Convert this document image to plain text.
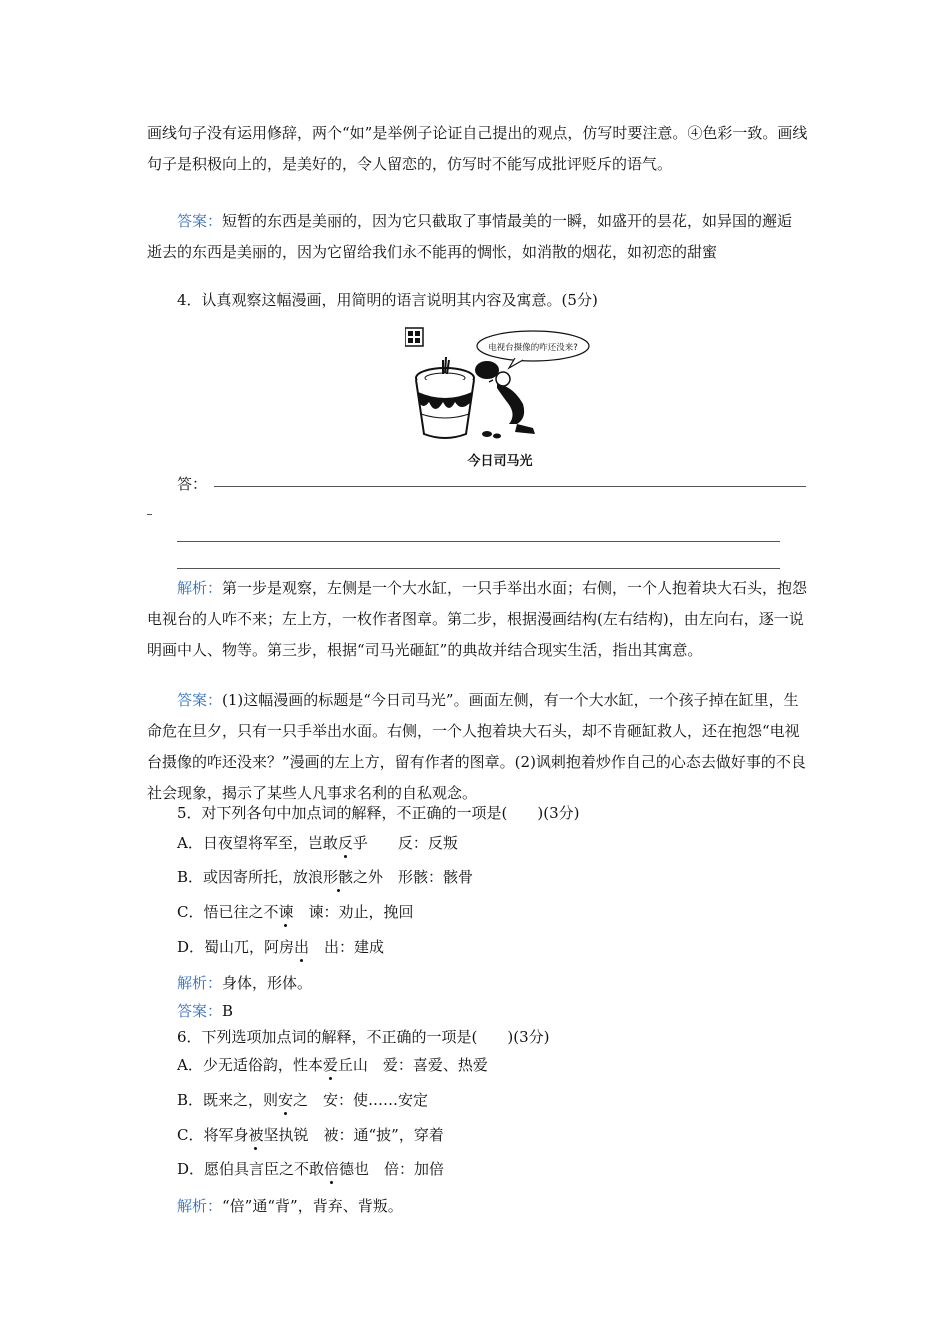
画线句子没有运用修辞，两个“如”是举例子论证自己提出的观点，仿写时要注意。④色彩一致。画线句子是积极向上的，是美好的，令人留恋的，仿写时不能写成批评贬斥的语气。

答案：短暂的东西是美丽的，因为它只截取了事情最美的一瞬，如盛开的昙花，如异国的邂逅　逝去的东西是美丽的，因为它留给我们永不能再的惆怅，如消散的烟花，如初恋的甜蜜

4．认真观察这幅漫画，用简明的语言说明其内容及寓意。(5分)
电视台摄像的咋还没来?
今日司马光
答：

解析：第一步是观察，左侧是一个大水缸，一只手举出水面；右侧，一个人抱着块大石头，抱怨电视台的人咋不来；左上方，一枚作者图章。第二步，根据漫画结构(左右结构)，由左向右，逐一说明画中人、物等。第三步，根据“司马光砸缸”的典故并结合现实生活，指出其寓意。

答案：(1)这幅漫画的标题是“今日司马光”。画面左侧，有一个大水缸，一个孩子掉在缸里，生命危在旦夕，只有一只手举出水面。右侧，一个人抱着块大石头，却不肯砸缸救人，还在抱怨“电视台摄像的咋还没来？”漫画的左上方，留有作者的图章。(2)讽刺抱着炒作自己的心态去做好事的不良社会现象，揭示了某些人凡事求名利的自私观念。

5．对下列各句中加点词的解释，不正确的一项是(　　)(3分)
A．日夜望将军至，岂敢反乎　　反：反叛
B．或因寄所托，放浪形骸之外　形骸：骸骨
C．悟已往之不谏　谏：劝止，挽回
D．蜀山兀，阿房出　出：建成
解析：身体，形体。
答案：B
6．下列选项加点词的解释，不正确的一项是(　　)(3分)
A．少无适俗韵，性本爱丘山　爱：喜爱、热爱
B．既来之，则安之　安：使……安定
C．将军身被坚执锐　被：通“披”，穿着
D．愿伯具言臣之不敢倍德也　倍：加倍
解析：“倍”通“背”，背弃、背叛。
